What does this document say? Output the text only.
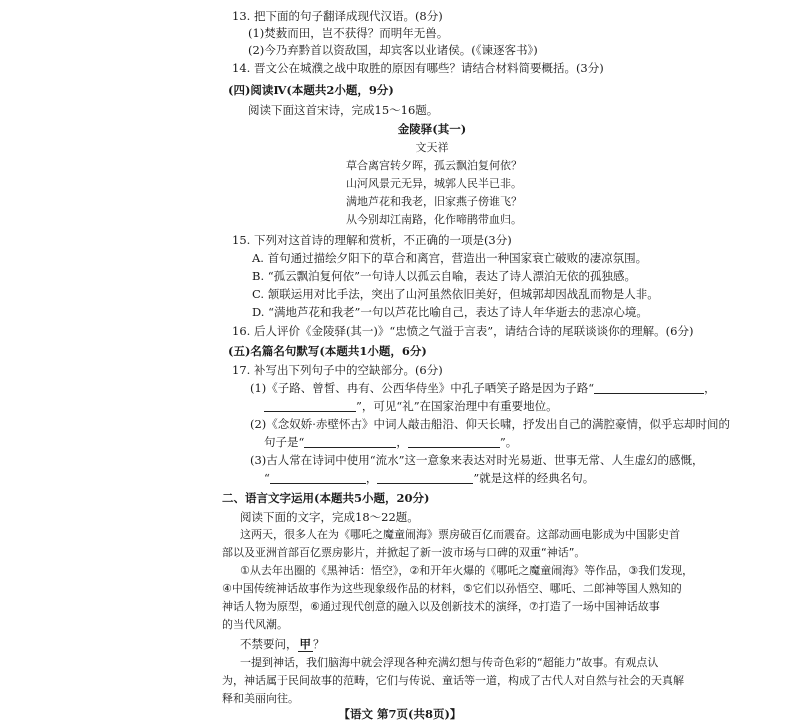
13. 把下面的句子翻译成现代汉语。(8分)
(1)焚薮而田，岂不获得？而明年无兽。
(2)今乃弃黔首以资敌国，却宾客以业诸侯。(《谏逐客书》)
14. 晋文公在城濮之战中取胜的原因有哪些？请结合材料简要概括。(3分)
(四)阅读Ⅳ(本题共2小题，9分)
阅读下面这首宋诗，完成15～16题。
金陵驿(其一)
文天祥
草合离宫转夕晖，孤云飘泊复何依？
山河风景元无异，城郭人民半已非。
满地芦花和我老，旧家燕子傍谁飞？
从今别却江南路，化作啼鹃带血归。
15. 下列对这首诗的理解和赏析，不正确的一项是(3分)
A. 首句通过描绘夕阳下的草合和离宫，营造出一种国家衰亡破败的凄凉氛围。
B. “孤云飘泊复何依”一句诗人以孤云自喻，表达了诗人漂泊无依的孤独感。
C. 颔联运用对比手法，突出了山河虽然依旧美好，但城郭却因战乱而物是人非。
D. “满地芦花和我老”一句以芦花比喻自己，表达了诗人年华逝去的悲凉心境。
16. 后人评价《金陵驿(其一)》“忠愤之气溢于言表”，请结合诗的尾联谈谈你的理解。(6分)
(五)名篇名句默写(本题共1小题，6分)
17. 补写出下列句子中的空缺部分。(6分)
(1)《子路、曾皙、冉有、公西华侍坐》中孔子哂笑子路是因为子路“	，
”，可见“礼”在国家治理中有重要地位。
(2)《念奴娇·赤壁怀古》中词人敲击船沿、仰天长啸，抒发出自己的满腔豪情，似乎忘却时间的
句子是“	，	”。
(3)古人常在诗词中使用“流水”这一意象来表达对时光易逝、世事无常、人生虚幻的感慨，
“	，	”就是这样的经典名句。
二、语言文字运用(本题共5小题，20分)
阅读下面的文字，完成18～22题。
这两天，很多人在为《哪吒之魔童闹海》票房破百亿而震奋。这部动画电影成为中国影史首
部以及亚洲首部百亿票房影片，并掀起了新一波市场与口碑的双重“神话”。
①从去年出圈的《黑神话：悟空》，②和开年火爆的《哪吒之魔童闹海》等作品，③我们发现，
④中国传统神话故事作为这些现象级作品的材料，⑤它们以孙悟空、哪吒、二郎神等国人熟知的
神话人物为原型，⑥通过现代创意的融入以及创新技术的演绎，⑦打造了一场中国神话故事
的当代风潮。
不禁要问， 甲 ？
一提到神话，我们脑海中就会浮现各种充满幻想与传奇色彩的“超能力”故事。有观点认
为，神话属于民间故事的范畴，它们与传说、童话等一道，构成了古代人对自然与社会的天真解
释和美丽向往。
【语文 第7页(共8页)】
